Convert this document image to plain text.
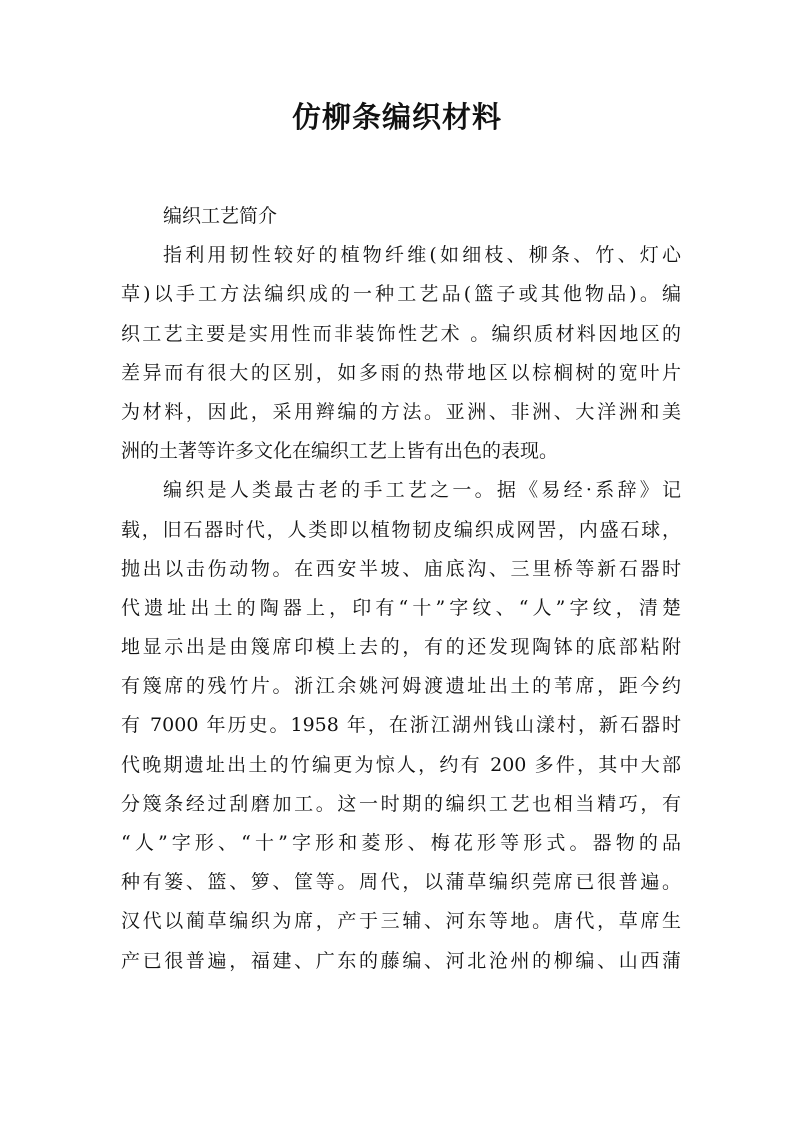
仿柳条编织材料
编织工艺简介
指利用韧性较好的植物纤维(如细枝、柳条、竹、灯心
草)以手工方法编织成的一种工艺品(篮子或其他物品)。编
织工艺主要是实用性而非装饰性艺术 。编织质材料因地区的
差异而有很大的区别，如多雨的热带地区以棕榈树的宽叶片
为材料，因此，采用辫编的方法。亚洲、非洲、大洋洲和美
洲的土著等许多文化在编织工艺上皆有出色的表现。
编织是人类最古老的手工艺之一。据《易经·系辞》记
载，旧石器时代，人类即以植物韧皮编织成网罟，内盛石球，
抛出以击伤动物。在西安半坡、庙底沟、三里桥等新石器时
代遗址出土的陶器上，印有“十”字纹、“人”字纹，清楚
地显示出是由篾席印模上去的，有的还发现陶钵的底部粘附
有篾席的残竹片。浙江余姚河姆渡遗址出土的苇席，距今约
有 7000 年历史。1958 年，在浙江湖州钱山漾村，新石器时
代晚期遗址出土的竹编更为惊人，约有 200 多件，其中大部
分篾条经过刮磨加工。这一时期的编织工艺也相当精巧，有
“人”字形、“十”字形和菱形、梅花形等形式。器物的品
种有篓、篮、箩、筐等。周代，以蒲草编织莞席已很普遍。
汉代以蔺草编织为席，产于三辅、河东等地。唐代，草席生
产已很普遍，福建、广东的藤编、河北沧州的柳编、山西蒲
